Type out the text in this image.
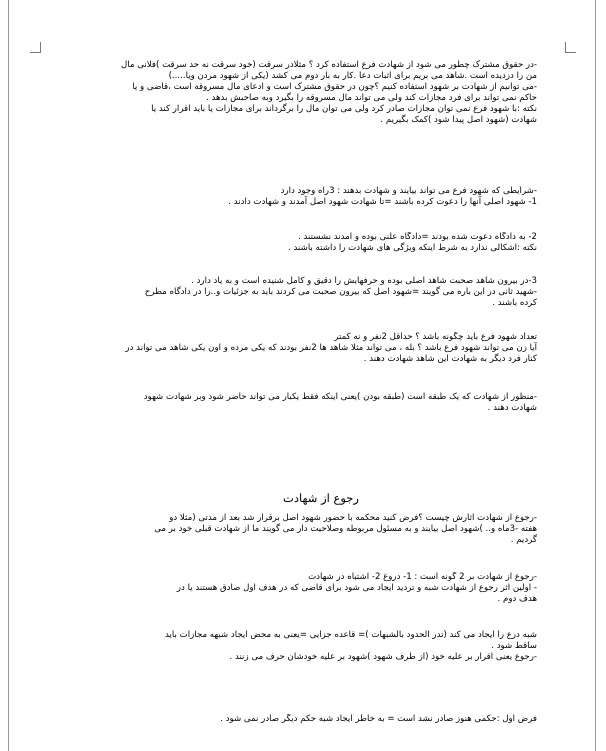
-در حقوق مشترک چطور می شود از شهادت فرع استفاده کرد ؟ مثلادر سرقت (خود سرقت نه حد سرقت )فلانی مال
من را دزدیده است .شاهد می بریم برای اثبات دعا .کار به بار دوم می کشد (یکی از شهود مردن ویا.....)
-می توانیم از شهادت بر شهود استفاده کنیم ؟چون در حقوق مشترک است و ادعای مال مسروقه است ،قاضی و یا
حاکم نمی تواند برای فرد مجازات کند ولی می تواند مال مسروقه را بگیرد وبه صاحبش بدهد .
نکته :با شهود فرع نمی توان مجازات صادر کرد ولی می توان مال را برگرداند برای مجازات یا باید اقرار کند یا
شهادت (شهود اصل پیدا شود )کمک بگیریم .
-شرایطی که شهود فرع می تواند بیایند و شهادت بدهند : 3راه وجود دارد
1- شهود اصلی آنها را دعوت کرده باشند =تا شهادت شهود اصل آمدند و شهادت دادند .
2- به دادگاه دعوت شده بودند =دادگاه علنی بوده و امدند نشستند .
نکته :اشکالی ندارد به شرط اینکه ویژگی های شهادت را داشته باشند .
3-در بیرون شاهد صحبت شاهد اصلی بوده و حرفهایش را دقیق و کامل شنیده است و به یاد دارد .
-شهید ثانی در این باره می گویند =شهود اصل که بیرون صحبت می کردند باید به جزئیات و..را در دادگاه مطرح
کرده باشند .
تعداد شهود فرع باید چگونه باشد ؟ حداقل 2نفر و نه کمتر
آیا زن می تواند شهود فرع باشد ؟ بله ، می تواند مثلا شاهد ها 2نفر بودند که یکی مرده و اون یکی شاهد می تواند در
کنار فرد دیگر به شهادت این شاهد شهادت دهند .
-منظور از شهادت که یک طبقه است (طبقه بودن )یعنی اینکه فقط یکبار می تواند حاضر شود وبر شهادت شهود
شهادت دهند .
رجوع از شهادت
-رجوع از شهادت آثارش چیست ؟فرض کنید محکمه با حضور شهود اصل برقرار شد بعد از مدتی (مثلا دو
هفته -3ماه و.. )شهود اصل بیایند و به مسئول مربوطه وصلاحیت دار می گویند ما از شهادت قبلی خود بر می
گردیم .
-رجوع از شهادت بر 2 گونه است : 1- دروغ 2- اشتباه در شهادت
- اولین اثر رجوع از شهادت شبه و تردید ایجاد می شود برای قاضی که در هدف اول صادق هستند یا در
هدف دوم .
شبه درع را ایجاد می کند (تدر الحدود بالشبهات )= قاعده جزایی =یعنی به محض ایجاد شبهه مجازات باید
ساقط شود .
-رجوع یعنی اقرار بر علیه خود (از طرف شهود )شهود بر علیه خودشان حرف می زنند .
فرض اول :حکمی هنوز صادر نشد است = به خاطر ایجاد شبه حکم دیگر صادر نمی شود .
